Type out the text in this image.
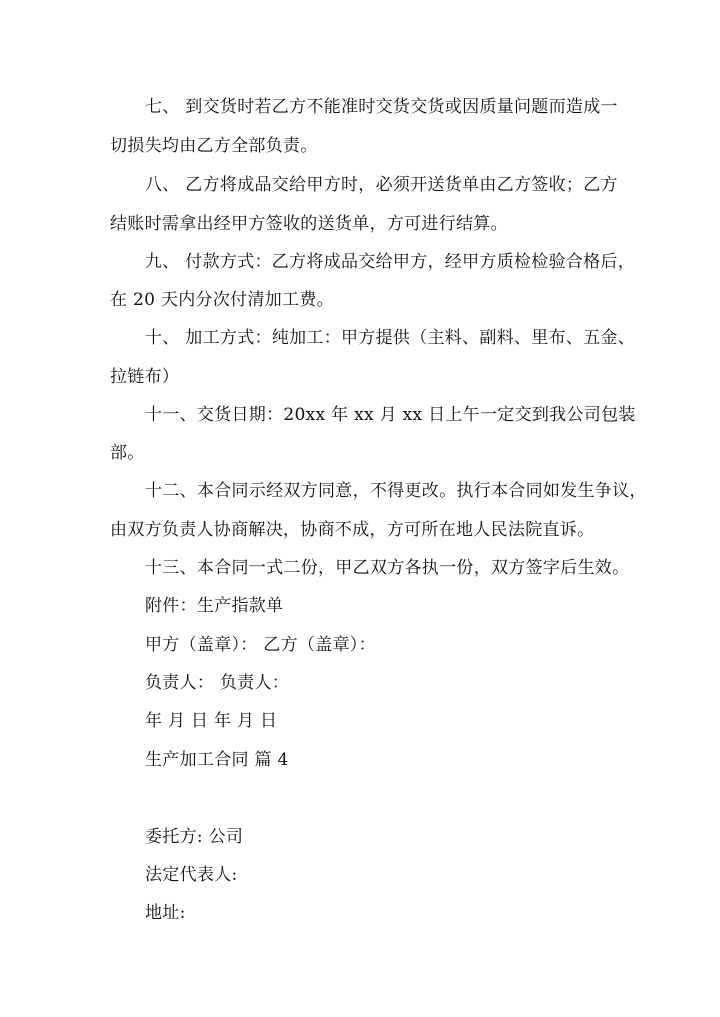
七、 到交货时若乙方不能准时交货交货或因质量问题而造成一
切损失均由乙方全部负责。
八、 乙方将成品交给甲方时，必须开送货单由乙方签收；乙方
结账时需拿出经甲方签收的送货单，方可进行结算。
九、 付款方式：乙方将成品交给甲方，经甲方质检检验合格后，
在 20 天内分次付清加工费。
十、 加工方式：纯加工：甲方提供（主料、副料、里布、五金、
拉链布）
十一、交货日期：20xx 年 xx 月 xx 日上午一定交到我公司包装
部。
十二、本合同示经双方同意，不得更改。执行本合同如发生争议，
由双方负责人协商解决，协商不成，方可所在地人民法院直诉。
十三、本合同一式二份，甲乙双方各执一份，双方签字后生效。
附件：生产指款单
甲方（盖章）： 乙方（盖章）：
负责人： 负责人：
年 月 日 年 月 日
生产加工合同 篇 4
委托方: 公司
法定代表人:
地址:
